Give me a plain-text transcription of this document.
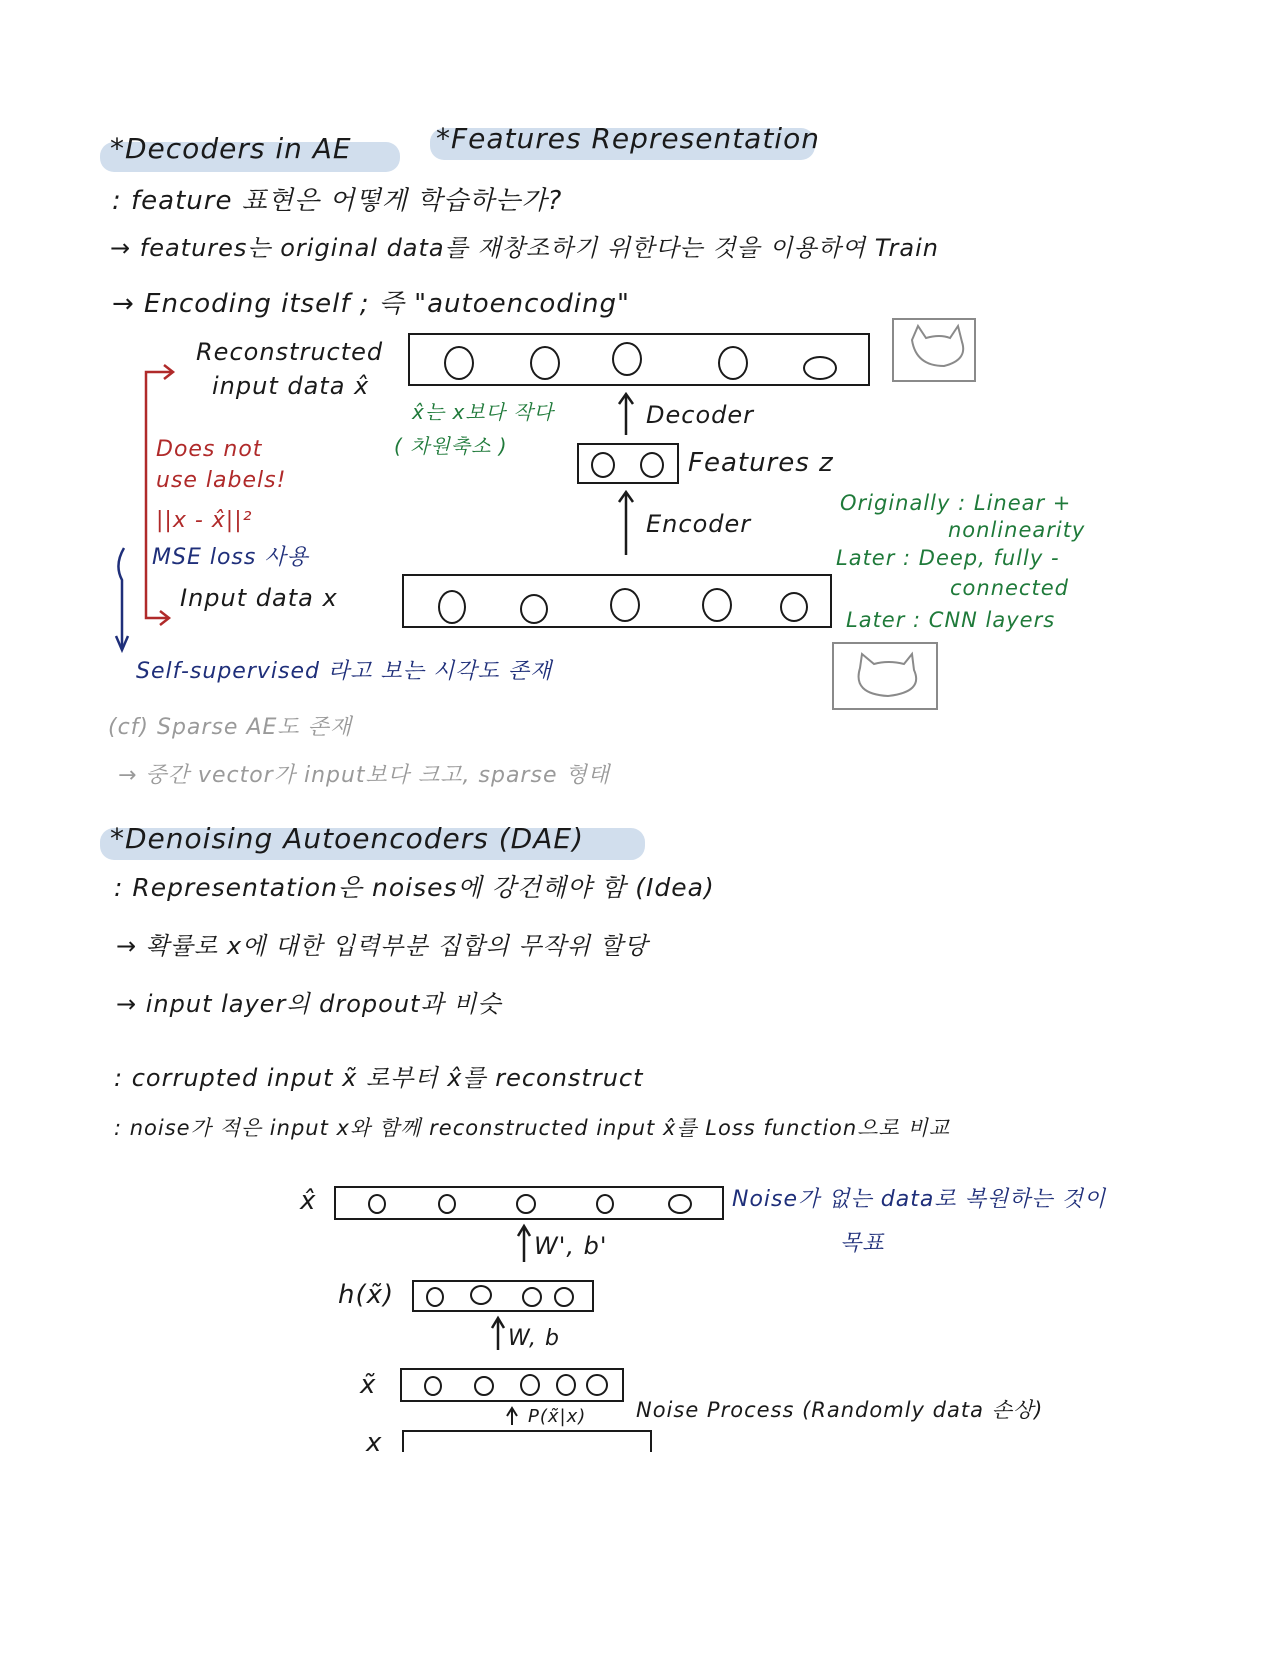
*Decoders in AE	*Features Representation
: feature 표현은 어떻게 학습하는가?
→ features는 original data를 재창조하기 위한다는 것을 이용하여 Train
→ Encoding itself ; 즉 "autoencoding"
Reconstructed
input data x̂
x̂는 x보다 작다
( 차원축소 )
Decoder
Features z
Encoder
Input data x
Does not
use labels!
||x - x̂||²
MSE loss 사용
Originally : Linear +
nonlinearity
Later : Deep, fully -
connected
Later : CNN layers
Self-supervised 라고 보는 시각도 존재
(cf) Sparse AE도 존재
→ 중간 vector가 input보다 크고, sparse 형태
*Denoising Autoencoders (DAE)
: Representation은 noises에 강건해야 함 (Idea)
→ 확률로 x에 대한 입력부분 집합의 무작위 할당
→ input layer의 dropout과 비슷
: corrupted input x̃ 로부터 x̂를 reconstruct
: noise가 적은 input x와 함께 reconstructed input x̂를 Loss function으로 비교
x̂
W', b'
h(x̃)
W, b
x̃
P(x̃|x)
x
Noise가 없는 data로 복원하는 것이
목표
Noise Process (Randomly data 손상)
